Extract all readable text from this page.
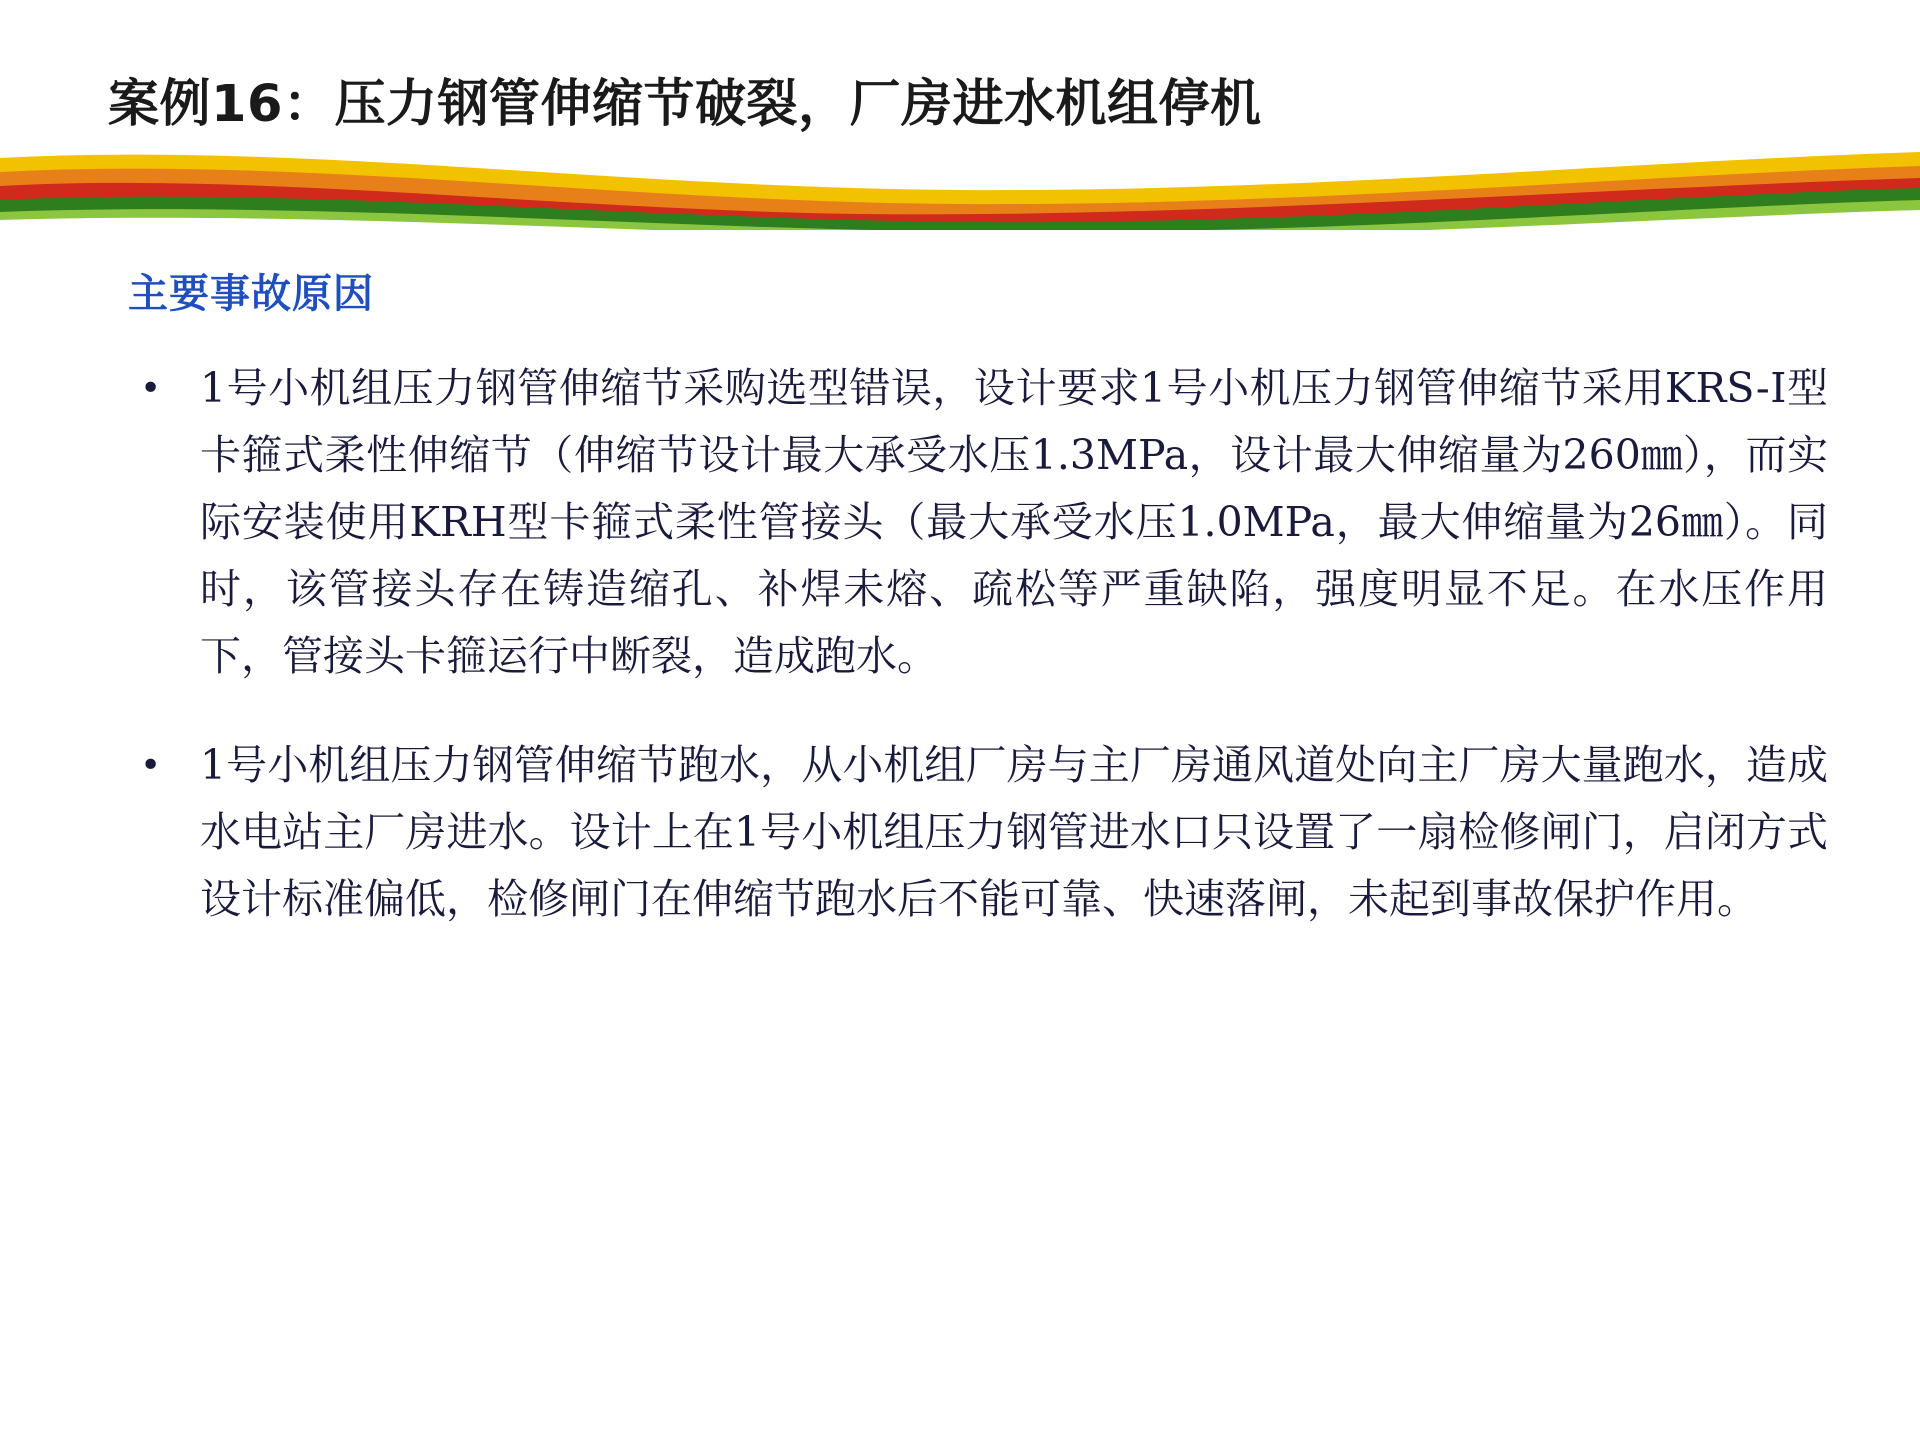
案例16：压力钢管伸缩节破裂，厂房进水机组停机
主要事故原因
• 1号小机组压力钢管伸缩节采购选型错误，设计要求1号小机压力钢管伸缩节采用KRS-Ⅰ型卡箍式柔性伸缩节（伸缩节设计最大承受水压1.3MPa，设计最大伸缩量为260㎜），而实际安装使用KRH型卡箍式柔性管接头（最大承受水压1.0MPa，最大伸缩量为26㎜）。同时，该管接头存在铸造缩孔、补焊未熔、疏松等严重缺陷，强度明显不足。在水压作用下，管接头卡箍运行中断裂，造成跑水。
• 1号小机组压力钢管伸缩节跑水，从小机组厂房与主厂房通风道处向主厂房大量跑水，造成水电站主厂房进水。设计上在1号小机组压力钢管进水口只设置了一扇检修闸门，启闭方式设计标准偏低，检修闸门在伸缩节跑水后不能可靠、快速落闸，未起到事故保护作用。
